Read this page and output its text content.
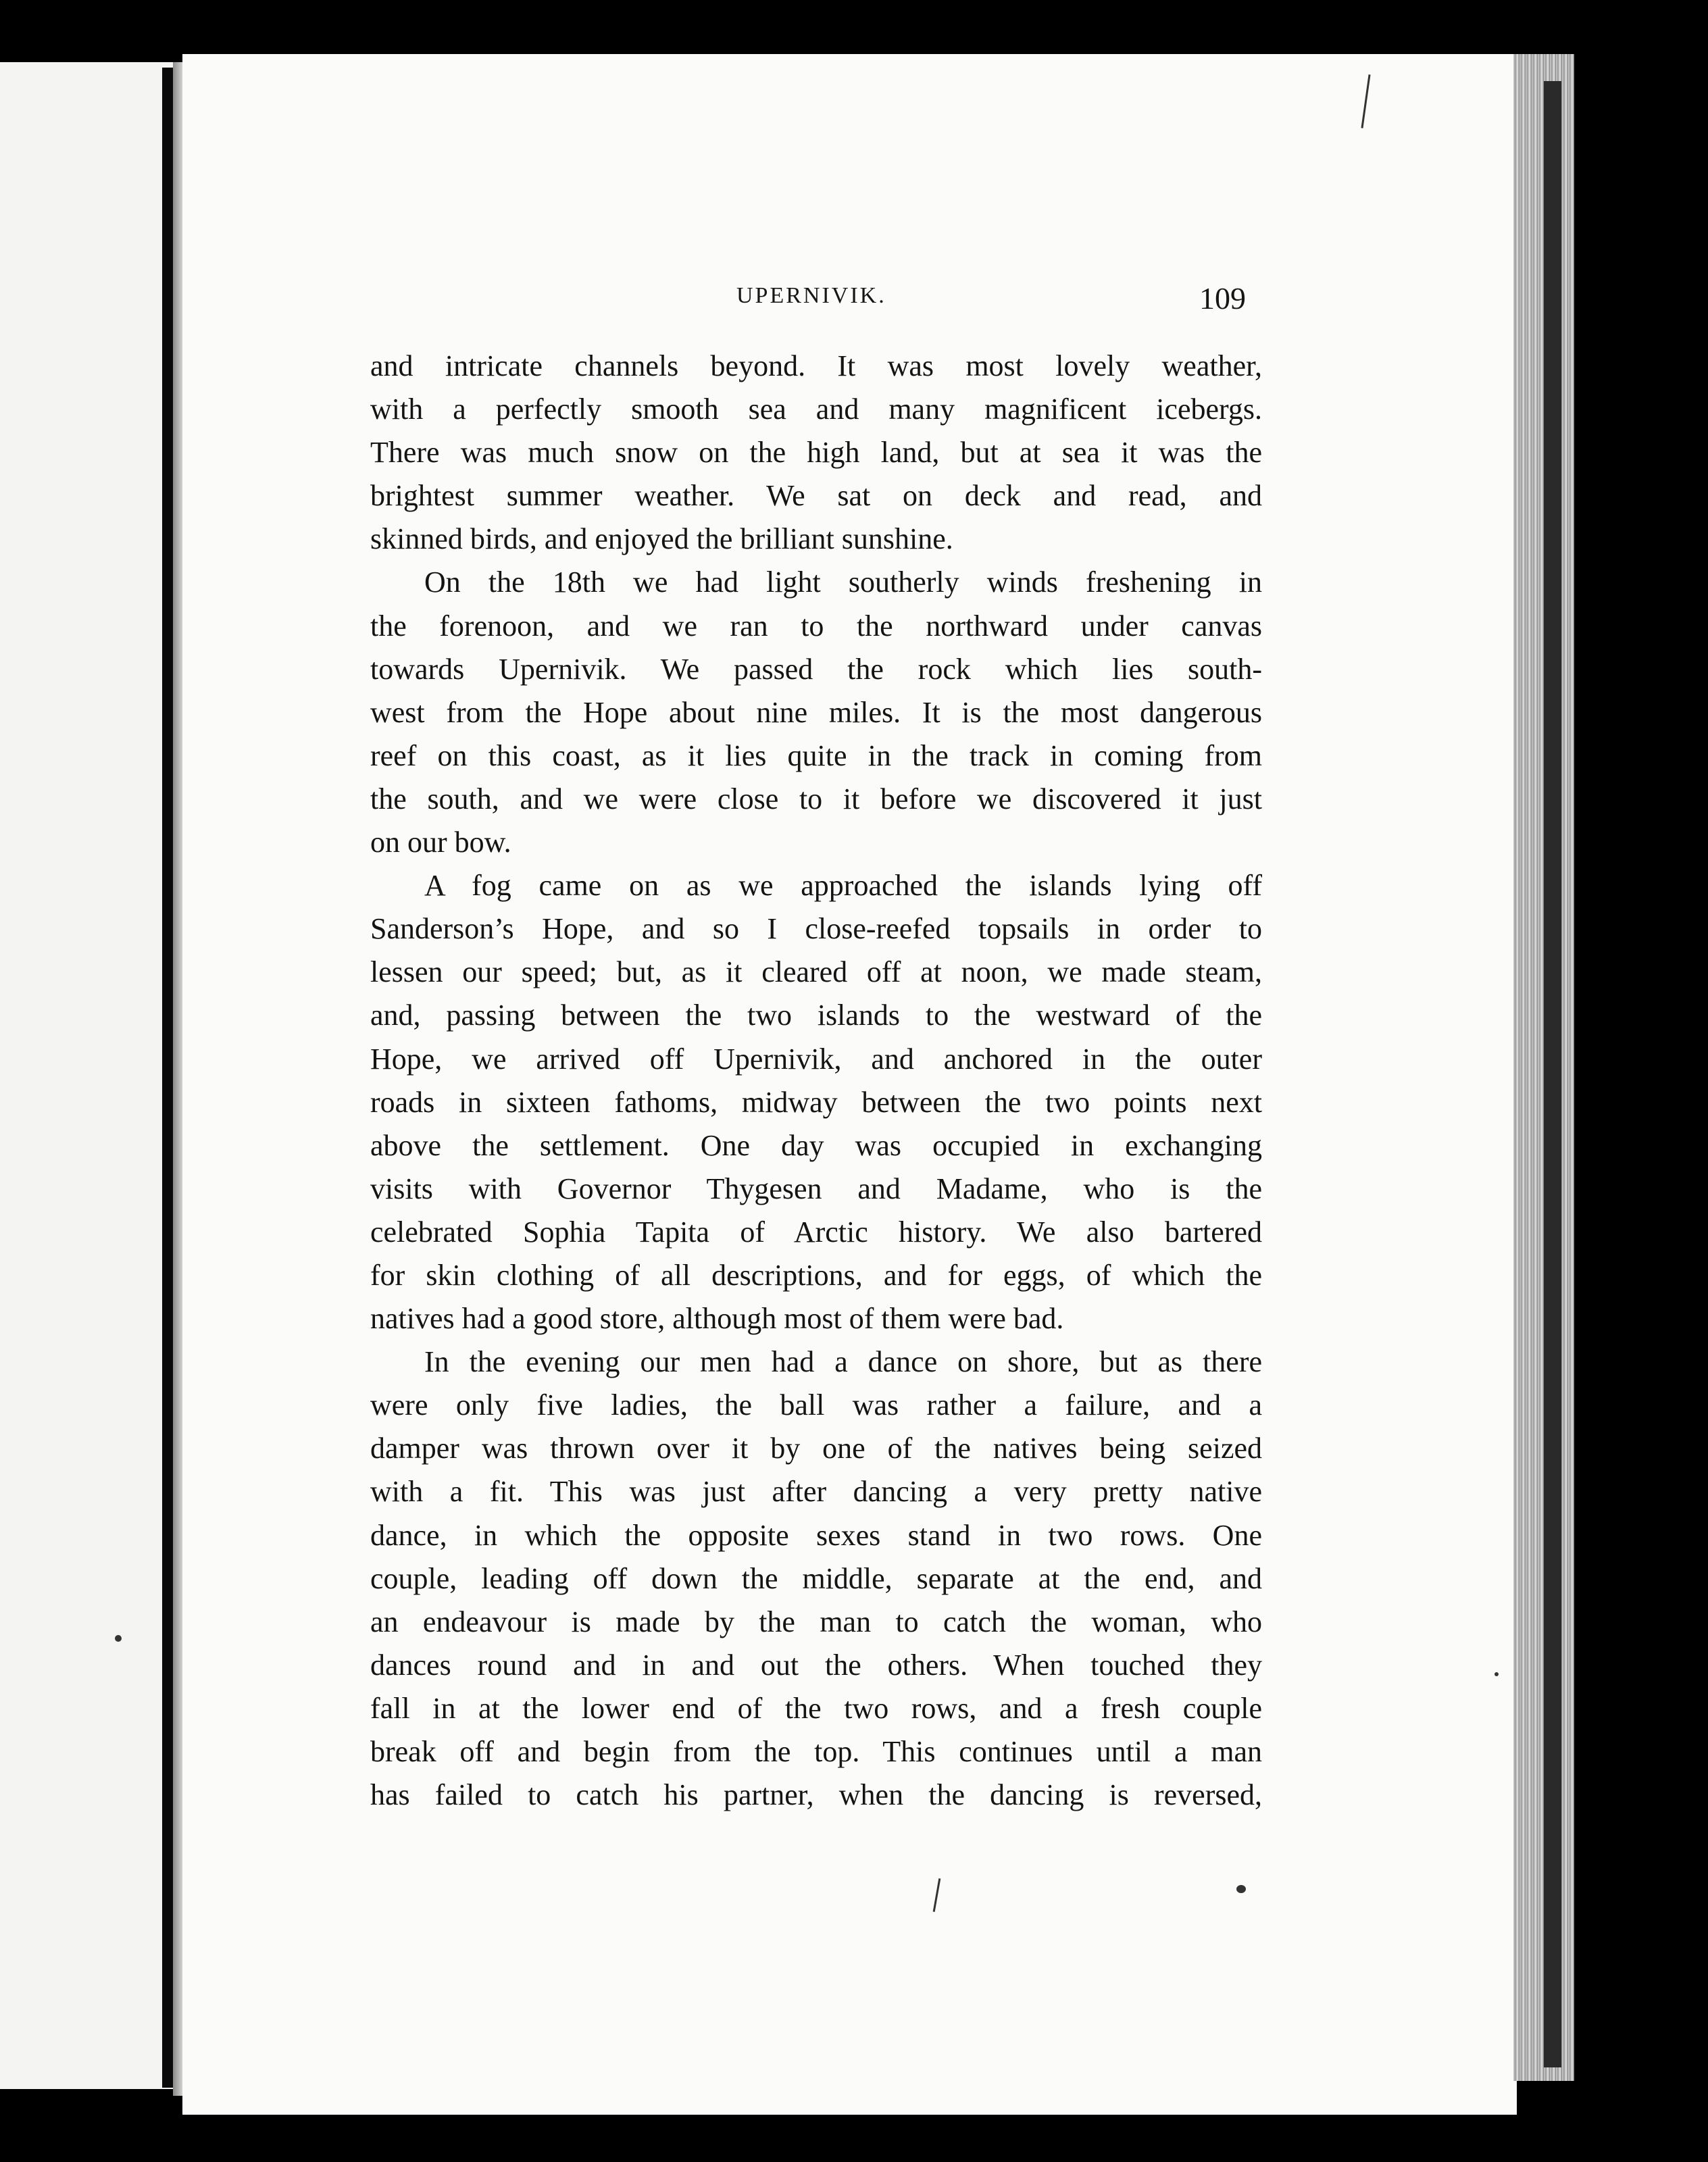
UPERNIVIK.	109
and intricate channels beyond. It was most lovely weather,
with a perfectly smooth sea and many magnificent icebergs.
There was much snow on the high land, but at sea it was the
brightest summer weather. We sat on deck and read, and
skinned birds, and enjoyed the brilliant sunshine.
On the 18th we had light southerly winds freshening in
the forenoon, and we ran to the northward under canvas
towards Upernivik. We passed the rock which lies south-
west from the Hope about nine miles. It is the most dangerous
reef on this coast, as it lies quite in the track in coming from
the south, and we were close to it before we discovered it just
on our bow.
A fog came on as we approached the islands lying off
Sanderson’s Hope, and so I close-reefed topsails in order to
lessen our speed; but, as it cleared off at noon, we made steam,
and, passing between the two islands to the westward of the
Hope, we arrived off Upernivik, and anchored in the outer
roads in sixteen fathoms, midway between the two points next
above the settlement. One day was occupied in exchanging
visits with Governor Thygesen and Madame, who is the
celebrated Sophia Tapita of Arctic history. We also bartered
for skin clothing of all descriptions, and for eggs, of which the
natives had a good store, although most of them were bad.
In the evening our men had a dance on shore, but as there
were only five ladies, the ball was rather a failure, and a
damper was thrown over it by one of the natives being seized
with a fit. This was just after dancing a very pretty native
dance, in which the opposite sexes stand in two rows. One
couple, leading off down the middle, separate at the end, and
an endeavour is made by the man to catch the woman, who
dances round and in and out the others. When touched they
fall in at the lower end of the two rows, and a fresh couple
break off and begin from the top. This continues until a man
has failed to catch his partner, when the dancing is reversed,
